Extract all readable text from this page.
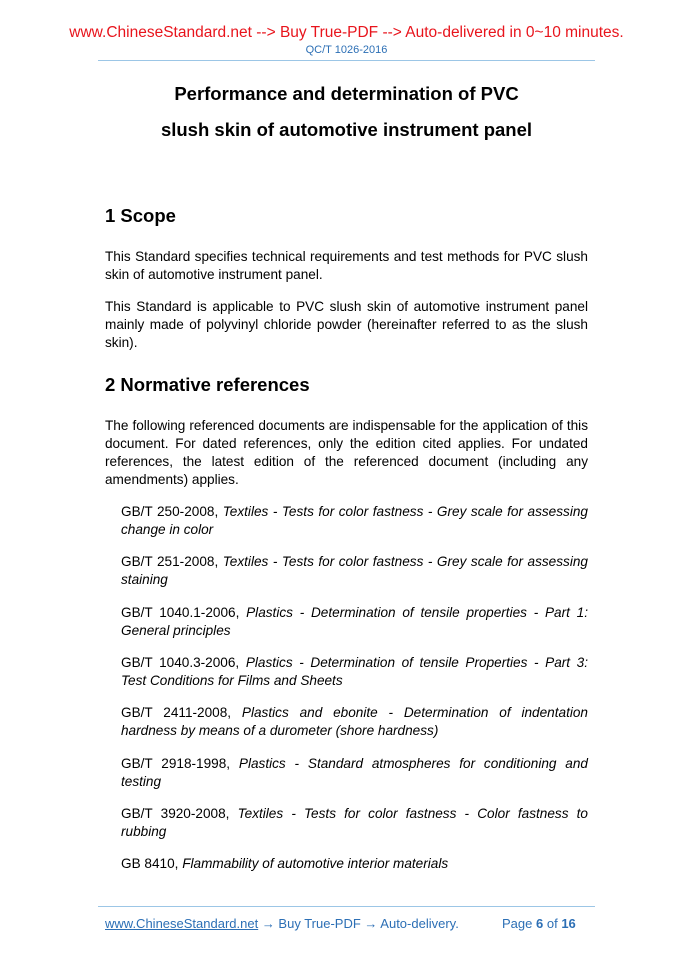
www.ChineseStandard.net --> Buy True-PDF --> Auto-delivered in 0~10 minutes.
QC/T 1026-2016
Performance and determination of PVC
slush skin of automotive instrument panel
1 Scope
This Standard specifies technical requirements and test methods for PVC slush skin of automotive instrument panel.
This Standard is applicable to PVC slush skin of automotive instrument panel mainly made of polyvinyl chloride powder (hereinafter referred to as the slush skin).
2 Normative references
The following referenced documents are indispensable for the application of this document. For dated references, only the edition cited applies. For undated references, the latest edition of the referenced document (including any amendments) applies.
GB/T 250-2008, Textiles - Tests for color fastness - Grey scale for assessing change in color
GB/T 251-2008, Textiles - Tests for color fastness - Grey scale for assessing staining
GB/T 1040.1-2006, Plastics - Determination of tensile properties - Part 1: General principles
GB/T 1040.3-2006, Plastics - Determination of tensile Properties - Part 3: Test Conditions for Films and Sheets
GB/T 2411-2008, Plastics and ebonite - Determination of indentation hardness by means of a durometer (shore hardness)
GB/T 2918-1998, Plastics - Standard atmospheres for conditioning and testing
GB/T 3920-2008, Textiles - Tests for color fastness - Color fastness to rubbing
GB 8410, Flammability of automotive interior materials
www.ChineseStandard.net → Buy True-PDF → Auto-delivery.	Page 6 of 16
